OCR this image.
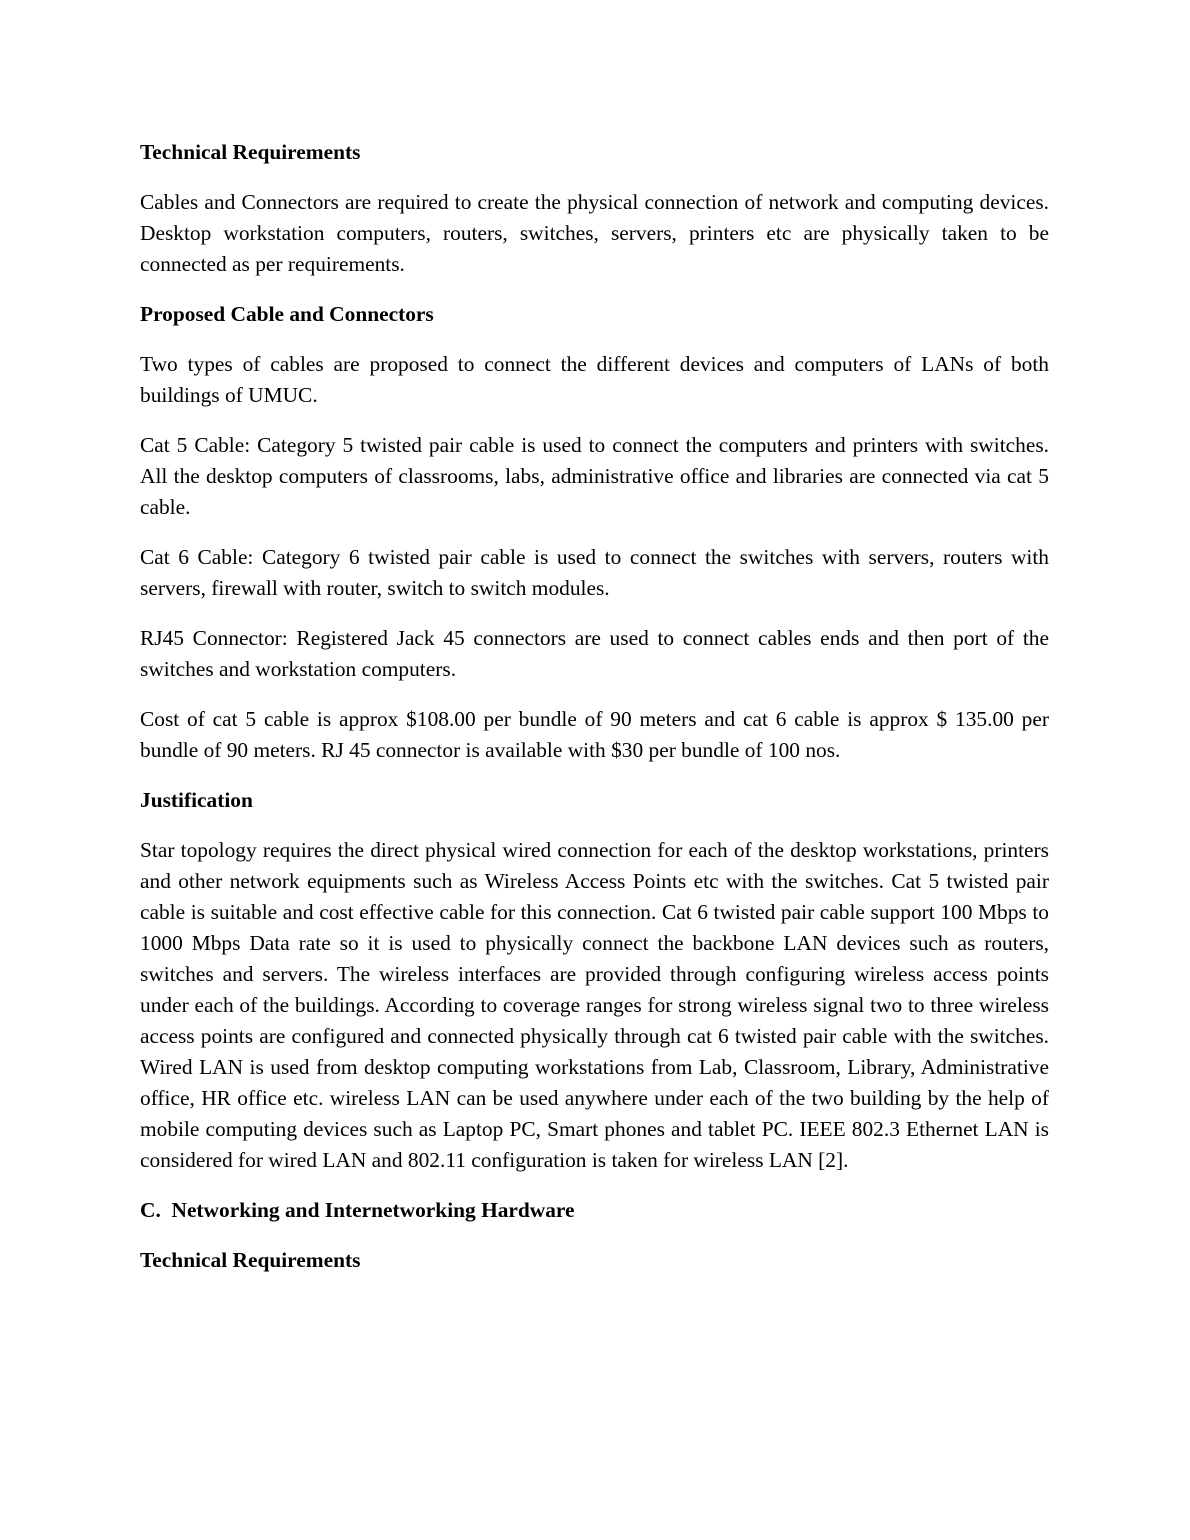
Technical Requirements
Cables and Connectors are required to create the physical connection of network and computing devices. Desktop workstation computers, routers, switches, servers, printers etc are physically taken to be connected as per requirements.
Proposed Cable and Connectors
Two types of cables are proposed to connect the different devices and computers of LANs of both buildings of UMUC.
Cat 5 Cable: Category 5 twisted pair cable is used to connect the computers and printers with switches. All the desktop computers of classrooms, labs, administrative office and libraries are connected via cat 5 cable.
Cat 6 Cable: Category 6 twisted pair cable is used to connect the switches with servers, routers with servers, firewall with router, switch to switch modules.
RJ45 Connector: Registered Jack 45 connectors are used to connect cables ends and then port of the switches and workstation computers.
Cost of cat 5 cable is approx $108.00 per bundle of 90 meters and cat 6 cable is approx $ 135.00 per bundle of 90 meters. RJ 45 connector is available with $30 per bundle of 100 nos.
Justification
Star topology requires the direct physical wired connection for each of the desktop workstations, printers and other network equipments such as Wireless Access Points etc with the switches. Cat 5 twisted pair cable is suitable and cost effective cable for this connection. Cat 6 twisted pair cable support 100 Mbps to 1000 Mbps Data rate so it is used to physically connect the backbone LAN devices such as routers, switches and servers. The wireless interfaces are provided through configuring wireless access points under each of the buildings. According to coverage ranges for strong wireless signal two to three wireless access points are configured and connected physically through cat 6 twisted pair cable with the switches. Wired LAN is used from desktop computing workstations from Lab, Classroom, Library, Administrative office, HR office etc. wireless LAN can be used anywhere under each of the two building by the help of mobile computing devices such as Laptop PC, Smart phones and tablet PC. IEEE 802.3 Ethernet LAN is considered for wired LAN and 802.11 configuration is taken for wireless LAN [2].
C.  Networking and Internetworking Hardware
Technical Requirements
